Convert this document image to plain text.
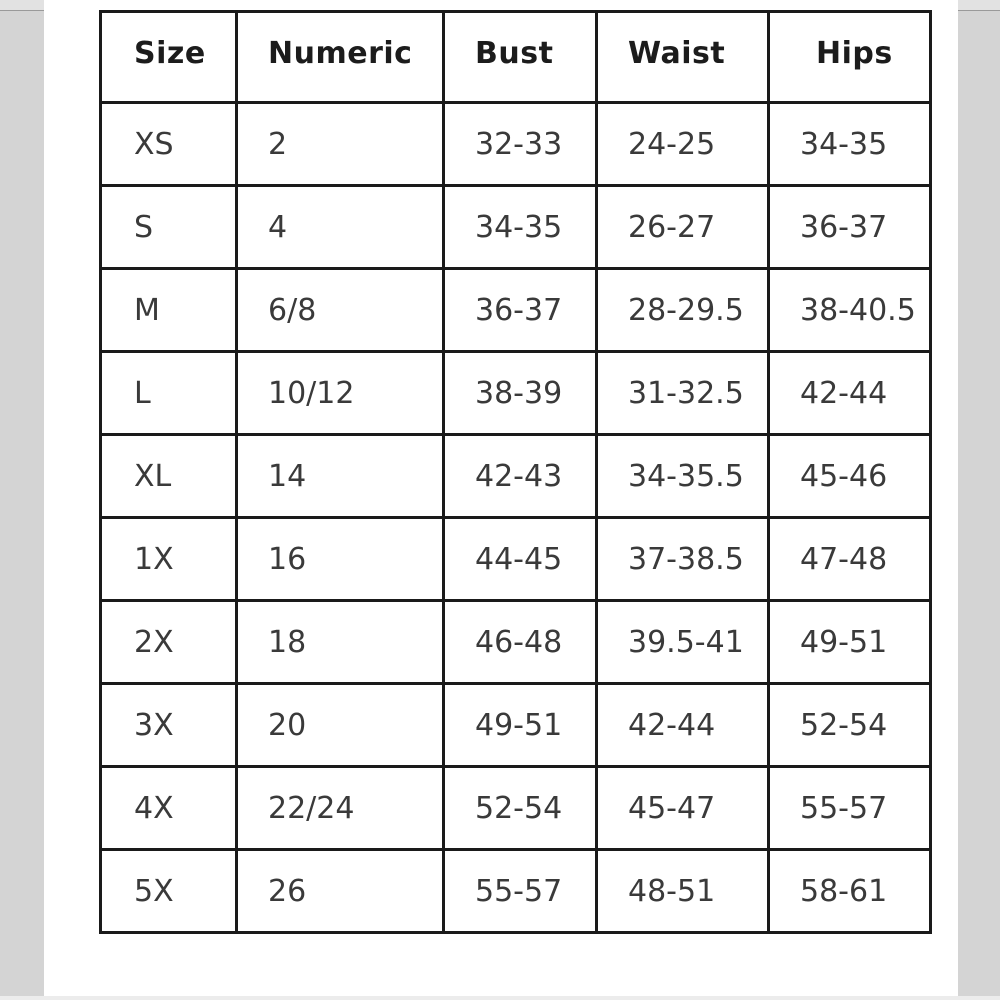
Size	Numeric	Bust	Waist	Hips
XS	2	32-33	24-25	34-35
S	4	34-35	26-27	36-37
M	6/8	36-37	28-29.5	38-40.5
L	10/12	38-39	31-32.5	42-44
XL	14	42-43	34-35.5	45-46
1X	16	44-45	37-38.5	47-48
2X	18	46-48	39.5-41	49-51
3X	20	49-51	42-44	52-54
4X	22/24	52-54	45-47	55-57
5X	26	55-57	48-51	58-61
